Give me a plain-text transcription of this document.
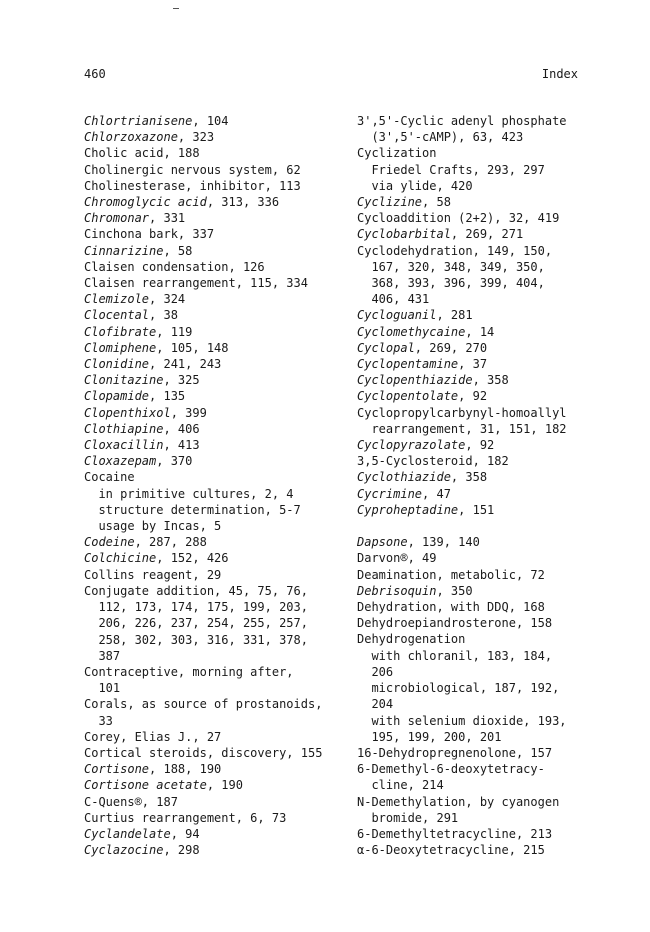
460	Index
Chlortrianisene, 104
Chlorzoxazone, 323
Cholic acid, 188
Cholinergic nervous system, 62
Cholinesterase, inhibitor, 113
Chromoglycic acid, 313, 336
Chromonar, 331
Cinchona bark, 337
Cinnarizine, 58
Claisen condensation, 126
Claisen rearrangement, 115, 334
Clemizole, 324
Clocental, 38
Clofibrate, 119
Clomiphene, 105, 148
Clonidine, 241, 243
Clonitazine, 325
Clopamide, 135
Clopenthixol, 399
Clothiapine, 406
Cloxacillin, 413
Cloxazepam, 370
Cocaine
in primitive cultures, 2, 4
structure determination, 5-7
usage by Incas, 5
Codeine, 287, 288
Colchicine, 152, 426
Collins reagent, 29
Conjugate addition, 45, 75, 76,
112, 173, 174, 175, 199, 203,
206, 226, 237, 254, 255, 257,
258, 302, 303, 316, 331, 378,
387
Contraceptive, morning after,
101
Corals, as source of prostanoids,
33
Corey, Elias J., 27
Cortical steroids, discovery, 155
Cortisone, 188, 190
Cortisone acetate, 190
C-Quens®, 187
Curtius rearrangement, 6, 73
Cyclandelate, 94
Cyclazocine, 298
3',5'-Cyclic adenyl phosphate
(3',5'-cAMP), 63, 423
Cyclization
Friedel Crafts, 293, 297
via ylide, 420
Cyclizine, 58
Cycloaddition (2+2), 32, 419
Cyclobarbital, 269, 271
Cyclodehydration, 149, 150,
167, 320, 348, 349, 350,
368, 393, 396, 399, 404,
406, 431
Cycloguanil, 281
Cyclomethycaine, 14
Cyclopal, 269, 270
Cyclopentamine, 37
Cyclopenthiazide, 358
Cyclopentolate, 92
Cyclopropylcarbynyl-homoallyl
rearrangement, 31, 151, 182
Cyclopyrazolate, 92
3,5-Cyclosteroid, 182
Cyclothiazide, 358
Cycrimine, 47
Cyproheptadine, 151
Dapsone, 139, 140
Darvon®, 49
Deamination, metabolic, 72
Debrisoquin, 350
Dehydration, with DDQ, 168
Dehydroepiandrosterone, 158
Dehydrogenation
with chloranil, 183, 184,
206
microbiological, 187, 192,
204
with selenium dioxide, 193,
195, 199, 200, 201
16-Dehydropregnenolone, 157
6-Demethyl-6-deoxytetracy-
cline, 214
N-Demethylation, by cyanogen
bromide, 291
6-Demethyltetracycline, 213
α-6-Deoxytetracycline, 215
